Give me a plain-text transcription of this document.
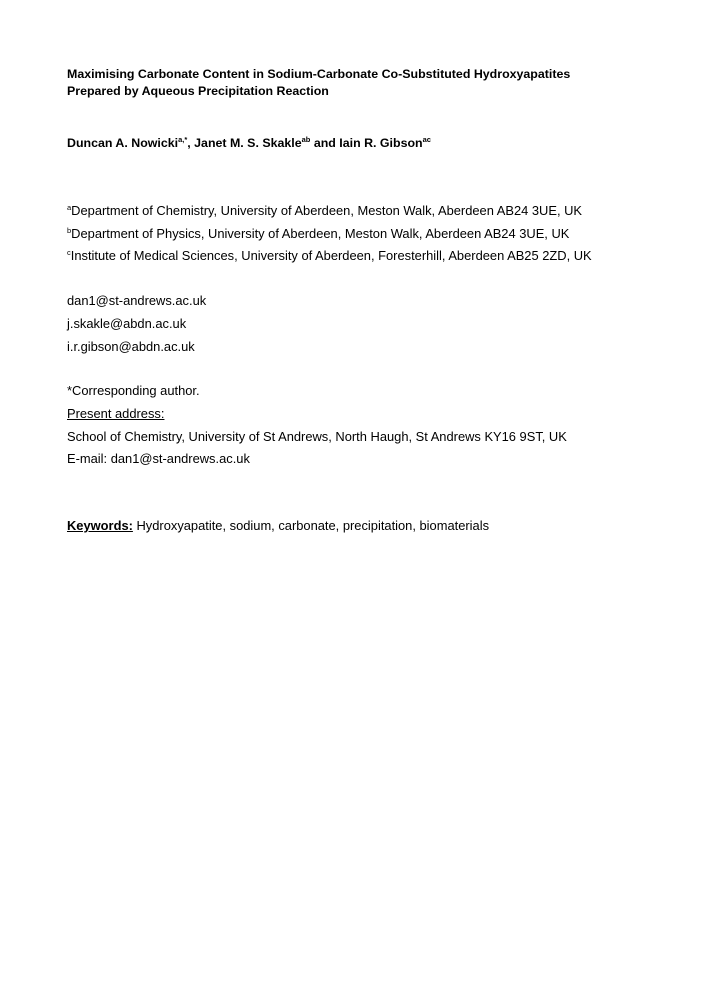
Maximising Carbonate Content in Sodium-Carbonate Co-Substituted Hydroxyapatites
Prepared by Aqueous Precipitation Reaction
Duncan A. Nowicki$^{a,*}$, Janet M. S. Skakle$^{ab}$ and Iain R. Gibson$^{ac}$
$^a$Department of Chemistry, University of Aberdeen, Meston Walk, Aberdeen AB24 3UE, UK
$^b$Department of Physics, University of Aberdeen, Meston Walk, Aberdeen AB24 3UE, UK
$^c$Institute of Medical Sciences, University of Aberdeen, Foresterhill, Aberdeen AB25 2ZD, UK
dan1@st-andrews.ac.uk
j.skakle@abdn.ac.uk
i.r.gibson@abdn.ac.uk
*Corresponding author.
Present address:
School of Chemistry, University of St Andrews, North Haugh, St Andrews KY16 9ST, UK
E-mail: dan1@st-andrews.ac.uk
Keywords: Hydroxyapatite, sodium, carbonate, precipitation, biomaterials
